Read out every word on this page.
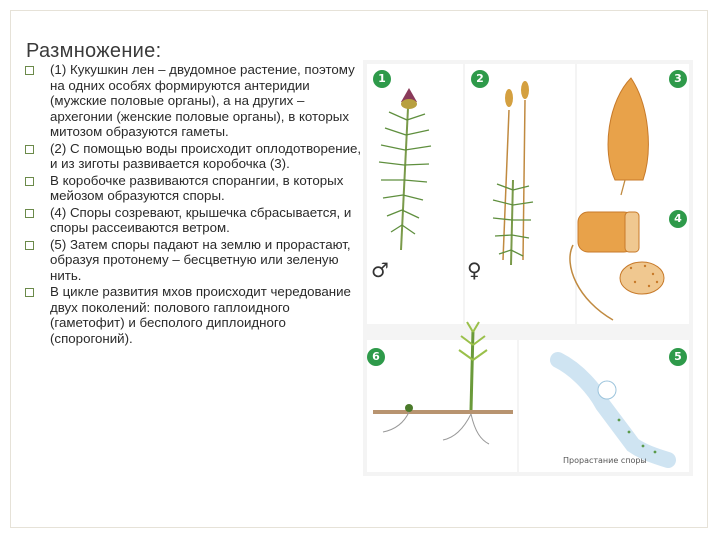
Размножение:
(1) Кукушкин лен – двудомное растение, поэтому на одних особях формируются антеридии (мужские половые органы), а на других – архегонии (женские половые органы), в которых митозом образуются гаметы.
(2) С помощью воды происходит оплодотворение, и из зиготы развивается коробочка (3).
В коробочке развиваются спорангии, в которых мейозом образуются споры.
(4) Споры созревают, крышечка сбрасывается, и споры рассеиваются ветром.
(5) Затем споры падают на землю и прорастают, образуя протонему – бесцветную или зеленую нить.
В цикле развития мхов происходит чередование двух поколений: полового гаплоидного (гаметофит) и бесполого диплоидного (спорогоний).
1	2	3
4
6	5
♂	♀
Прорастание споры
